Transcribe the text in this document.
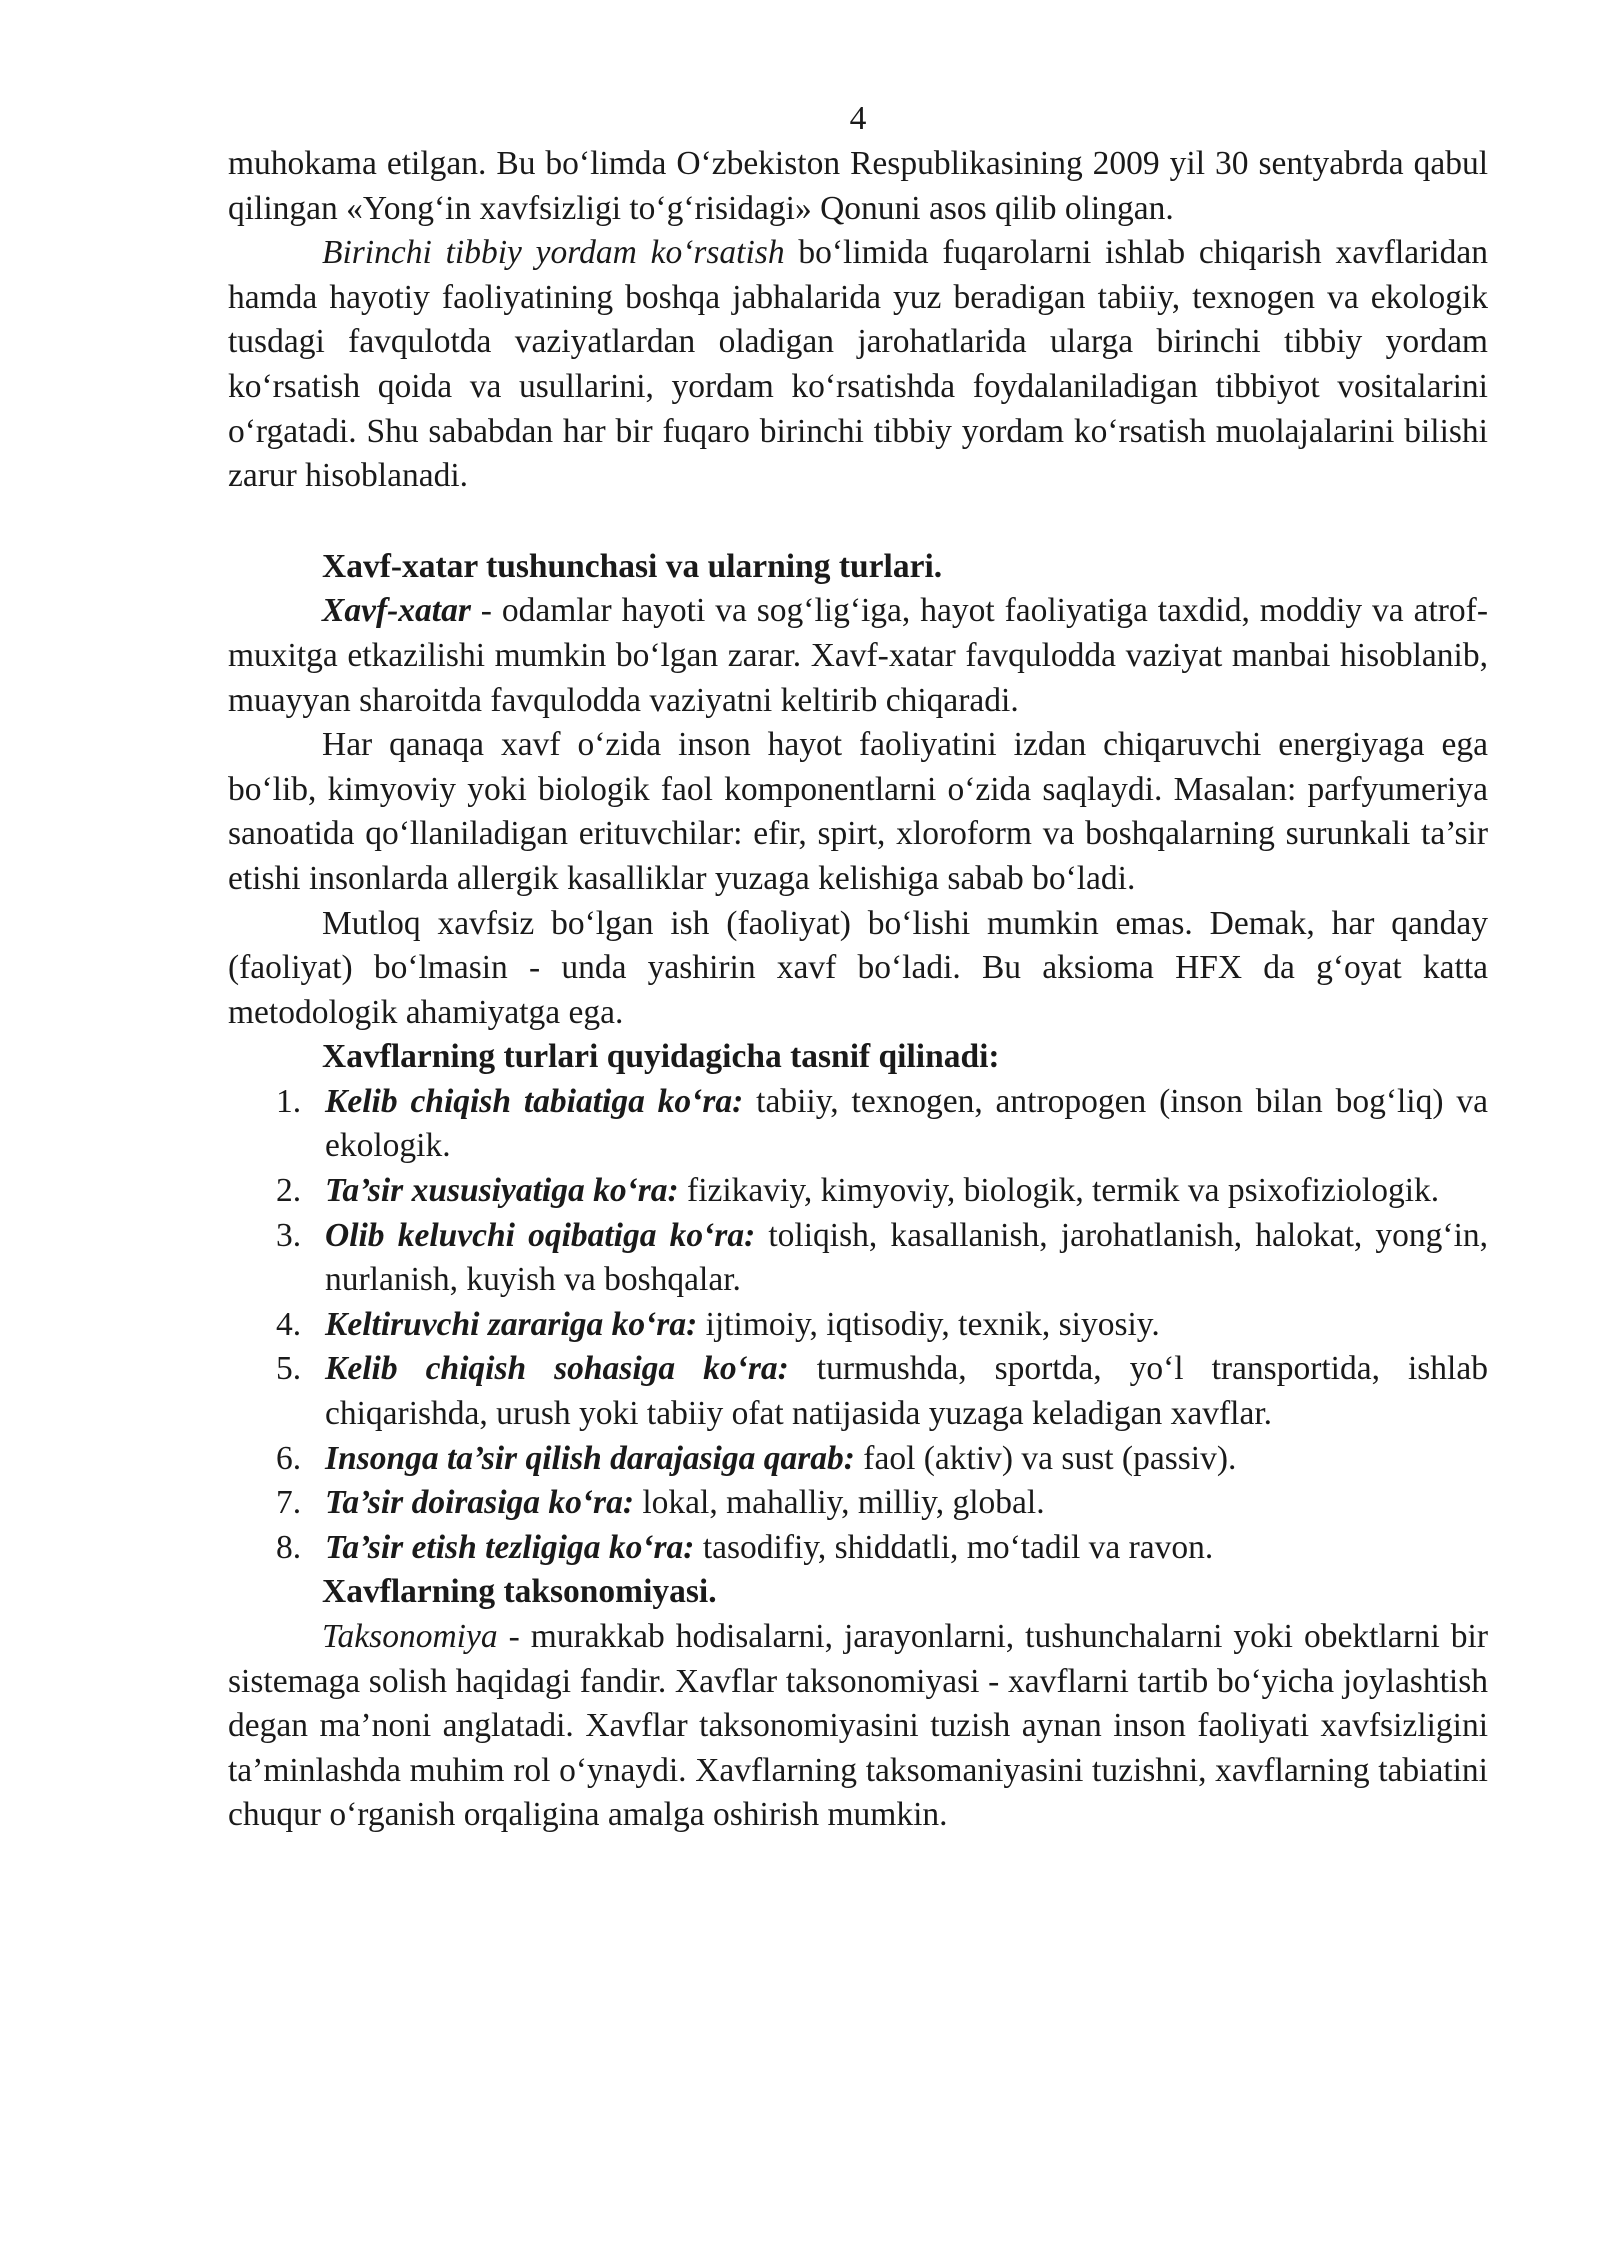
4

muhokama etilgan. Bu bo‘limda O‘zbekiston Respublikasining 2009 yil 30 sentyabrda qabul qilingan «Yong‘in xavfsizligi to‘g‘risidagi» Qonuni asos qilib olingan.

Birinchi tibbiy yordam ko‘rsatish bo‘limida fuqarolarni ishlab chiqarish xavflaridan hamda hayotiy faoliyatining boshqa jabhalarida yuz beradigan tabiiy, texnogen va ekologik tusdagi favqulotda vaziyatlardan oladigan jarohatlarida ularga birinchi tibbiy yordam ko‘rsatish qoida va usullarini, yordam ko‘rsatishda foydalaniladigan tibbiyot vositalarini o‘rgatadi. Shu sababdan har bir fuqaro birinchi tibbiy yordam ko‘rsatish muolajalarini bilishi zarur hisoblanadi.

Xavf-xatar tushunchasi va ularning turlari.

Xavf-xatar - odamlar hayoti va sog‘lig‘iga, hayot faoliyatiga taxdid, moddiy va atrof-muxitga etkazilishi mumkin bo‘lgan zarar. Xavf-xatar favqulodda vaziyat manbai hisoblanib, muayyan sharoitda favqulodda vaziyatni keltirib chiqaradi.

Har qanaqa xavf o‘zida inson hayot faoliyatini izdan chiqaruvchi energiyaga ega bo‘lib, kimyoviy yoki biologik faol komponentlarni o‘zida saqlaydi. Masalan: parfyumeriya sanoatida qo‘llaniladigan erituvchilar: efir, spirt, xloroform va boshqalarning surunkali ta’sir etishi insonlarda allergik kasalliklar yuzaga kelishiga sabab bo‘ladi.

Mutloq xavfsiz bo‘lgan ish (faoliyat) bo‘lishi mumkin emas. Demak, har qanday (faoliyat) bo‘lmasin - unda yashirin xavf bo‘ladi. Bu aksioma HFX da g‘oyat katta metodologik ahamiyatga ega.

Xavflarning turlari quyidagicha tasnif qilinadi:

1. Kelib chiqish tabiatiga ko‘ra: tabiiy, texnogen, antropogen (inson bilan bog‘liq) va ekologik.
2. Ta’sir xususiyatiga ko‘ra: fizikaviy, kimyoviy, biologik, termik va psixofiziologik.
3. Olib keluvchi oqibatiga ko‘ra: toliqish, kasallanish, jarohatlanish, halokat, yong‘in, nurlanish, kuyish va boshqalar.
4. Keltiruvchi zarariga ko‘ra: ijtimoiy, iqtisodiy, texnik, siyosiy.
5. Kelib chiqish sohasiga ko‘ra: turmushda, sportda, yo‘l transportida, ishlab chiqarishda, urush yoki tabiiy ofat natijasida yuzaga keladigan xavflar.
6. Insonga ta’sir qilish darajasiga qarab: faol (aktiv) va sust (passiv).
7. Ta’sir doirasiga ko‘ra: lokal, mahalliy, milliy, global.
8. Ta’sir etish tezligiga ko‘ra: tasodifiy, shiddatli, mo‘tadil va ravon.

Xavflarning taksonomiyasi.

Taksonomiya - murakkab hodisalarni, jarayonlarni, tushunchalarni yoki obektlarni bir sistemaga solish haqidagi fandir. Xavflar taksonomiyasi - xavflarni tartib bo‘yicha joylashtish degan ma’noni anglatadi. Xavflar taksonomiyasini tuzish aynan inson faoliyati xavfsizligini ta’minlashda muhim rol o‘ynaydi. Xavflarning taksomaniyasini tuzishni, xavflarning tabiatini chuqur o‘rganish orqaligina amalga oshirish mumkin.
